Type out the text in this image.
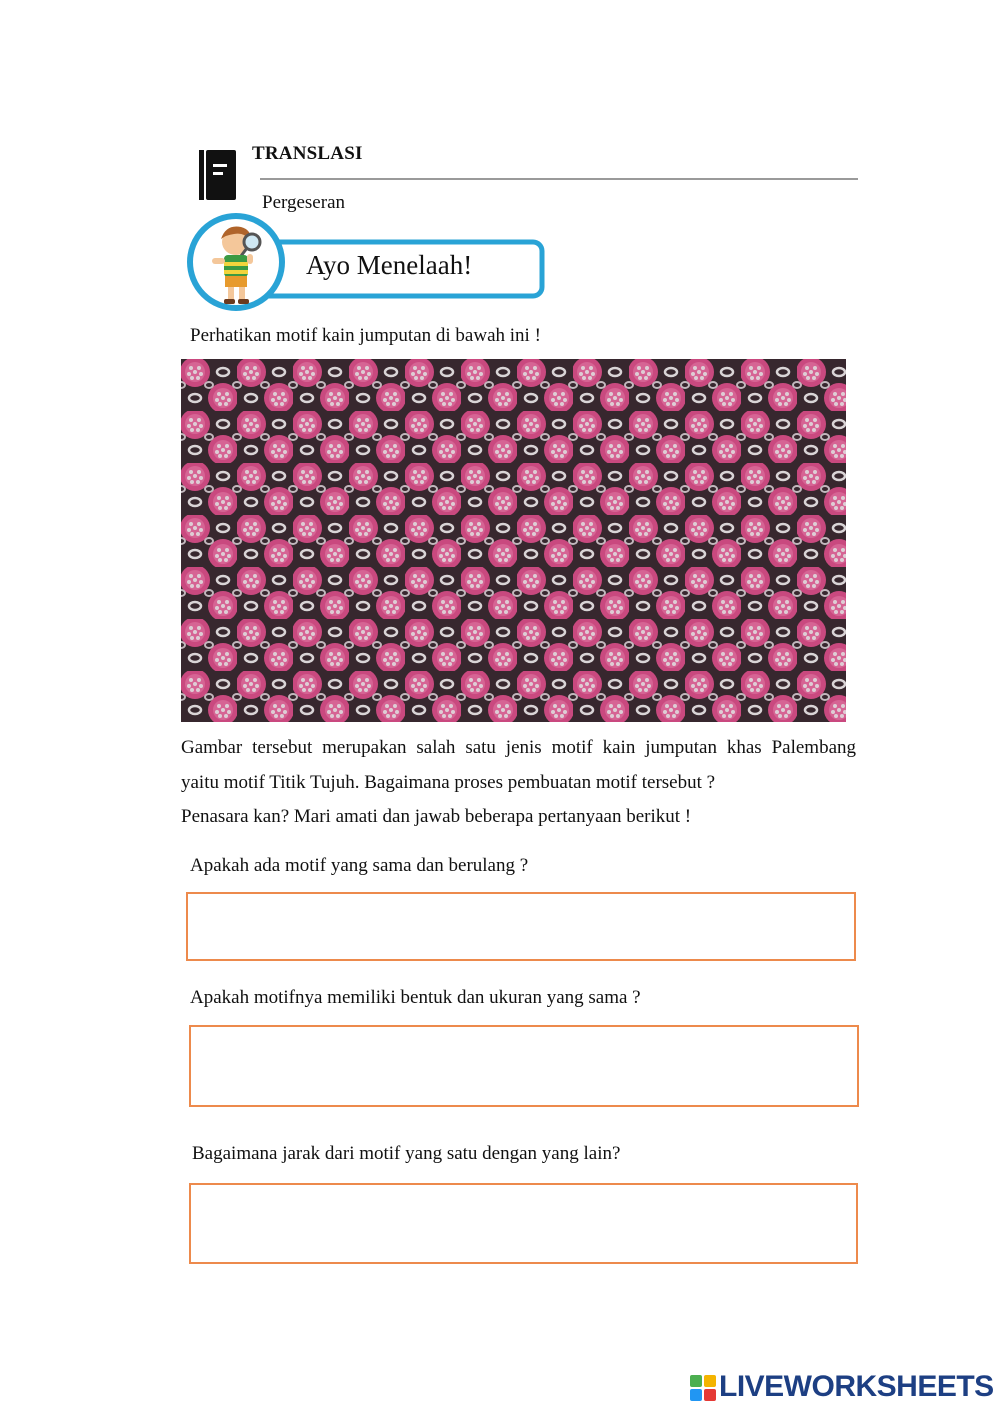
TRANSLASI
Pergeseran
Ayo Menelaah!
Perhatikan motif kain jumputan di bawah ini !
Gambar tersebut merupakan salah satu jenis motif kain jumputan khas Palembang
yaitu motif Titik Tujuh. Bagaimana proses pembuatan motif tersebut ?
Penasara kan? Mari amati dan jawab beberapa pertanyaan berikut !
Apakah ada motif yang sama dan berulang ?
Apakah motifnya memiliki bentuk dan ukuran yang sama ?
Bagaimana jarak dari motif yang satu dengan yang lain?
LIVEWORKSHEETS
